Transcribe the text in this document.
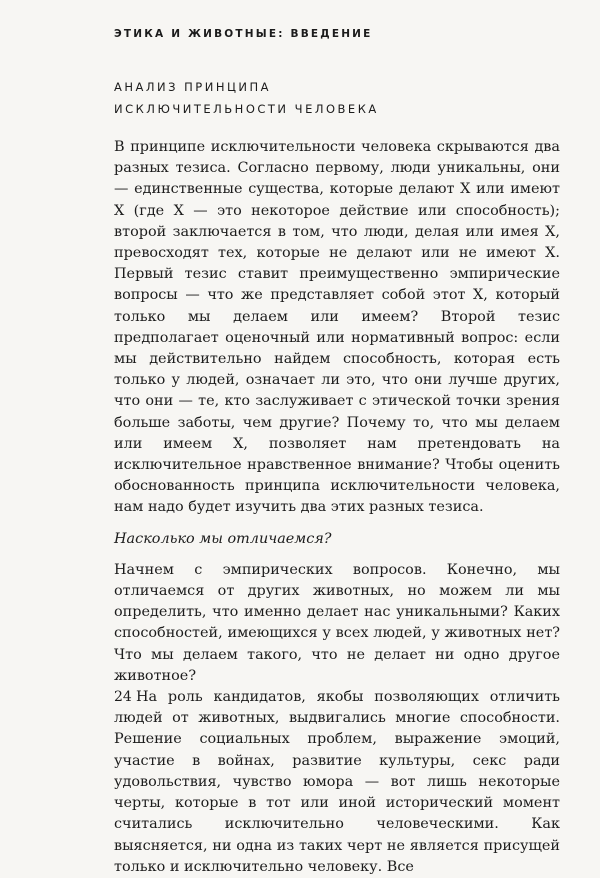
ЭТИКА И ЖИВОТНЫЕ: ВВЕДЕНИЕ
АНАЛИЗ ПРИНЦИПА
ИСКЛЮЧИТЕЛЬНОСТИ ЧЕЛОВЕКА

В принципе исключительности человека скрываются два разных тезиса. Согласно первому, люди уникальны, они — единственные существа, которые делают X или имеют X (где X — это некоторое действие или способность); второй заключается в том, что люди, делая или имея X, превосходят тех, которые не делают или не имеют X. Первый тезис ставит преимущественно эмпирические вопросы — что же представляет собой этот X, который только мы делаем или имеем? Второй тезис предполагает оценочный или нормативный вопрос: если мы действительно найдем способность, которая есть только у людей, означает ли это, что они лучше других, что они — те, кто заслуживает с этической точки зрения больше заботы, чем другие? Почему то, что мы делаем или имеем X, позволяет нам претендовать на исключительное нравственное внимание? Чтобы оценить обоснованность принципа исключительности человека, нам надо будет изучить два этих разных тезиса.

Насколько мы отличаемся?

Начнем с эмпирических вопросов. Конечно, мы отличаемся от других животных, но можем ли мы определить, что именно делает нас уникальными? Каких способностей, имеющихся у всех людей, у животных нет? Что мы делаем такого, что не делает ни одно другое животное?

На роль кандидатов, якобы позволяющих отличить людей от животных, выдвигались многие способности. Решение социальных проблем, выражение эмоций, участие в войнах, развитие культуры, секс ради удовольствия, чувство юмора — вот лишь некоторые черты, которые в тот или иной исторический момент считались исключительно человеческими. Как выясняется, ни одна из таких черт не является присущей только и исключительно человеку. Все

24
